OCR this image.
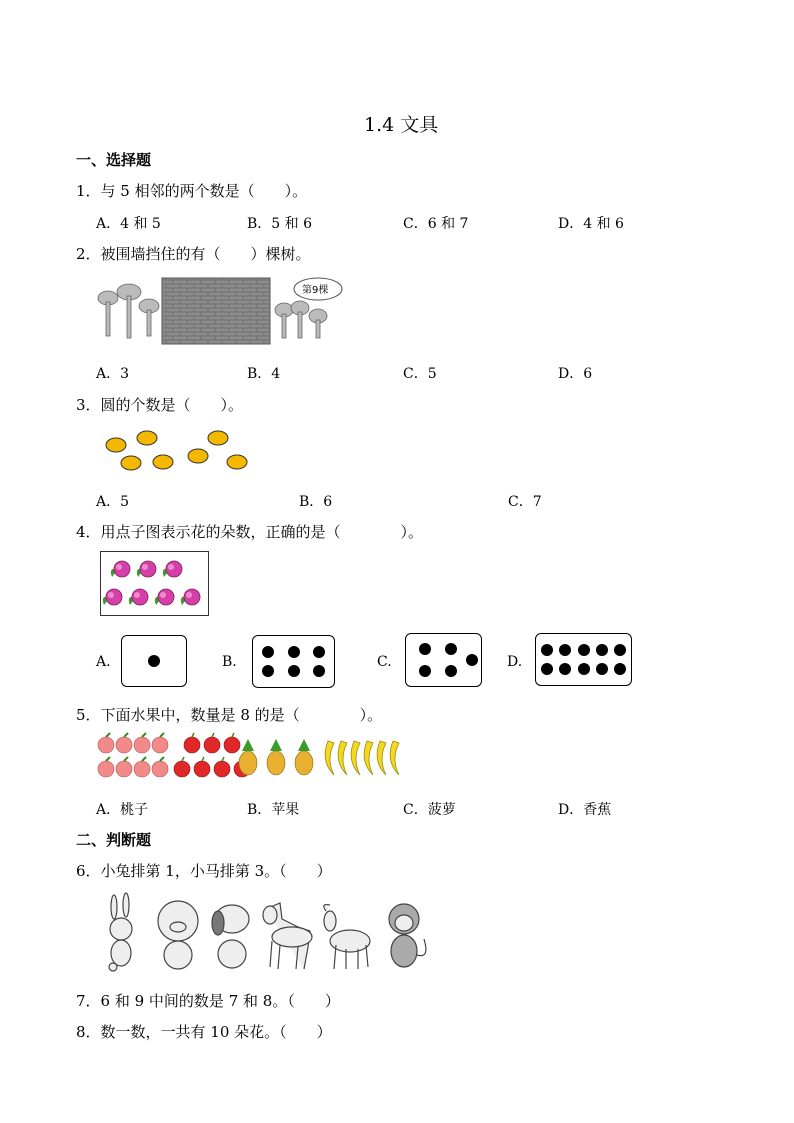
1.4 文具
一、选择题
1．与 5 相邻的两个数是（　　）。
A．4 和 5	B．5 和 6	C．6 和 7	D．4 和 6
2．被围墙挡住的有（　　）棵树。
第9棵
A．3	B．4	C．5	D．6
3．圆的个数是（　　）。
A．5	B．6	C．7
4．用点子图表示花的朵数，正确的是（　　　　）。
A.	B.	C.	D.
5．下面水果中，数量是 8 的是（　　　　）。
A．桃子	B．苹果	C．菠萝	D．香蕉
二、判断题
6．小兔排第 1，小马排第 3。（　　）
7．6 和 9 中间的数是 7 和 8。（　　）
8．数一数，一共有 10 朵花。（　　）
